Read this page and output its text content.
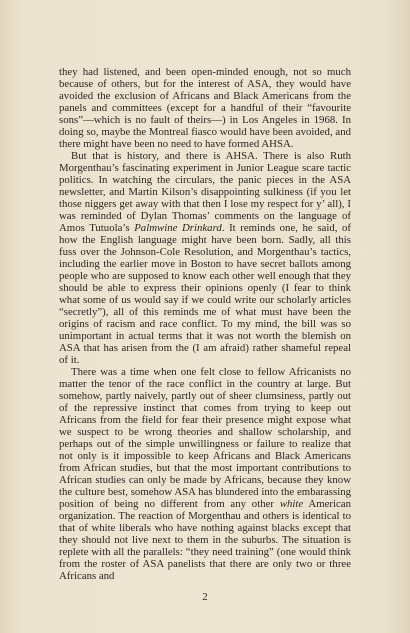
they had listened, and been open-minded enough, not so much because of others, but for the interest of ASA, they would have avoided the exclusion of Africans and Black Americans from the panels and committees (except for a handful of their “favourite sons”—which is no fault of theirs—) in Los Angeles in 1968. In doing so, maybe the Montreal fiasco would have been avoided, and there might have been no need to have formed AHSA.

But that is history, and there is AHSA. There is also Ruth Morgenthau’s fascinating experiment in Junior League scare tactic politics. In watching the circulars, the panic pieces in the ASA newsletter, and Martin Kilson’s disappointing sulkiness (if you let those niggers get away with that then I lose my respect for y’ all), I was reminded of Dylan Thomas’ comments on the language of Amos Tutuola’s Palmwine Drinkard. It reminds one, he said, of how the English language might have been born. Sadly, all this fuss over the Johnson-Cole Resolution, and Morgenthau’s tactics, including the earlier move in Boston to have secret ballots among people who are supposed to know each other well enough that they should be able to express their opinions openly (I fear to think what some of us would say if we could write our scholarly articles “secretly”), all of this reminds me of what must have been the origins of racism and race conflict. To my mind, the bill was so unimportant in actual terms that it was not worth the blemish on ASA that has arisen from the (I am afraid) rather shameful repeal of it.

There was a time when one felt close to fellow Africanists no matter the tenor of the race conflict in the country at large. But somehow, partly naively, partly out of sheer clumsiness, partly out of the repressive instinct that comes from trying to keep out Africans from the field for fear their presence might expose what we suspect to be wrong theories and shallow scholarship, and perhaps out of the simple unwillingness or failure to realize that not only is it impossible to keep Africans and Black Americans from African studies, but that the most important contributions to African studies can only be made by Africans, because they know the culture best, somehow ASA has blundered into the embarassing position of being no different from any other white American organization. The reaction of Morgenthau and others is identical to that of white liberals who have nothing against blacks except that they should not live next to them in the suburbs. The situation is replete with all the parallels: “they need training” (one would think from the roster of ASA panelists that there are only two or three Africans and

2
